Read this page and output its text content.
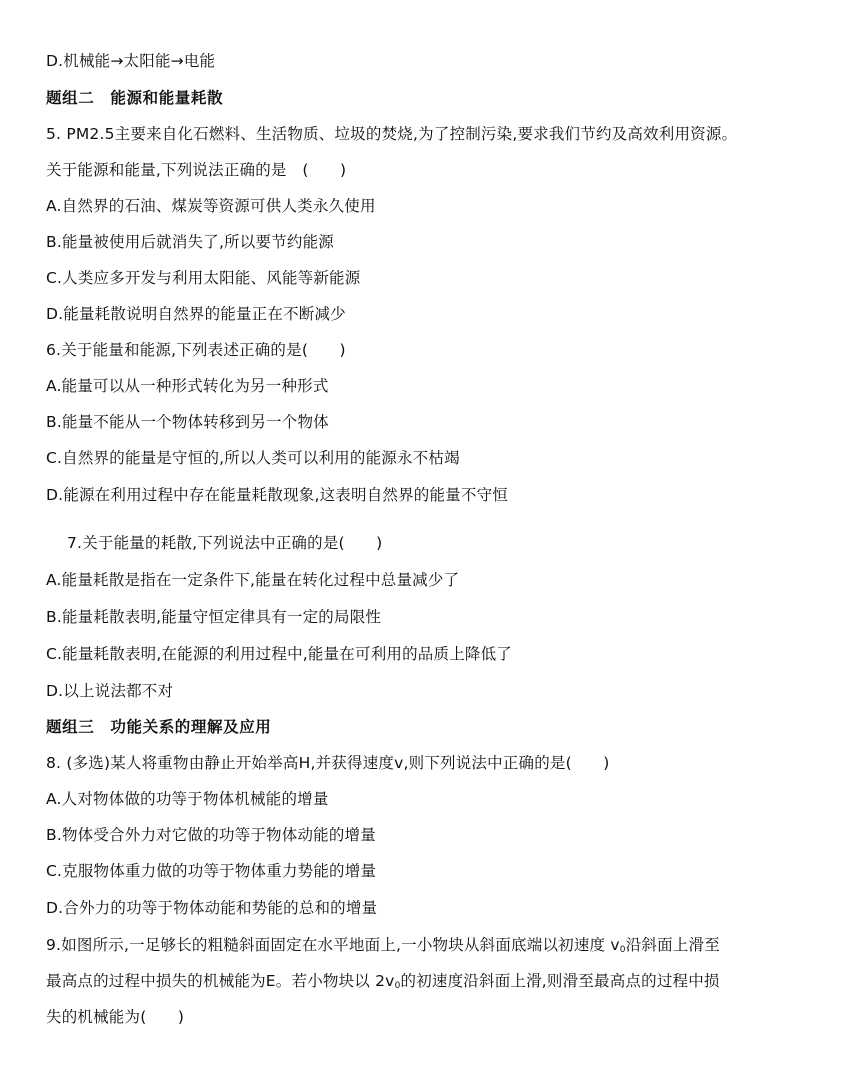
D.机械能→太阳能→电能
题组二　能源和能量耗散
5. PM2.5主要来自化石燃料、生活物质、垃圾的焚烧,为了控制污染,要求我们节约及高效利用资源。
关于能源和能量,下列说法正确的是　(　　)
A.自然界的石油、煤炭等资源可供人类永久使用
B.能量被使用后就消失了,所以要节约能源
C.人类应多开发与利用太阳能、风能等新能源
D.能量耗散说明自然界的能量正在不断减少
6.关于能量和能源,下列表述正确的是(　　)
A.能量可以从一种形式转化为另一种形式
B.能量不能从一个物体转移到另一个物体
C.自然界的能量是守恒的,所以人类可以利用的能源永不枯竭
D.能源在利用过程中存在能量耗散现象,这表明自然界的能量不守恒
7.关于能量的耗散,下列说法中正确的是(　　)
A.能量耗散是指在一定条件下,能量在转化过程中总量减少了
B.能量耗散表明,能量守恒定律具有一定的局限性
C.能量耗散表明,在能源的利用过程中,能量在可利用的品质上降低了
D.以上说法都不对
题组三　功能关系的理解及应用
8. (多选)某人将重物由静止开始举高H,并获得速度v,则下列说法中正确的是(　　)
A.人对物体做的功等于物体机械能的增量
B.物体受合外力对它做的功等于物体动能的增量
C.克服物体重力做的功等于物体重力势能的增量
D.合外力的功等于物体动能和势能的总和的增量
9.如图所示,一足够长的粗糙斜面固定在水平地面上,一小物块从斜面底端以初速度 $v_0$沿斜面上滑至
最高点的过程中损失的机械能为E。若小物块以 $2v_0$的初速度沿斜面上滑,则滑至最高点的过程中损
失的机械能为(　　)
